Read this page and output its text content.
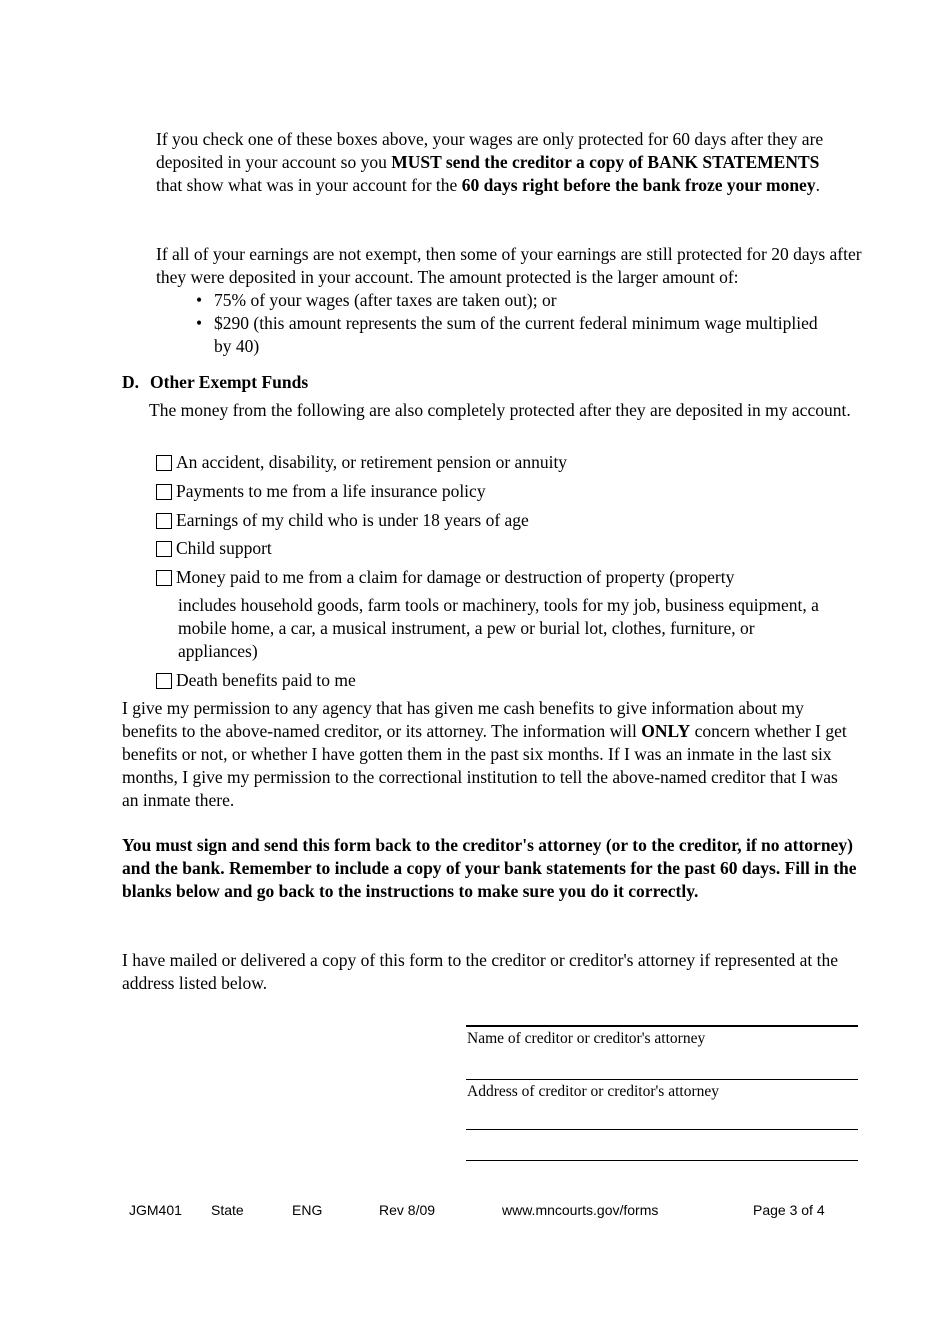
If you check one of these boxes above, your wages are only protected for 60 days after they are deposited in your account so you MUST send the creditor a copy of BANK STATEMENTS that show what was in your account for the 60 days right before the bank froze your money.

If all of your earnings are not exempt, then some of your earnings are still protected for 20 days after they were deposited in your account. The amount protected is the larger amount of:

• 75% of your wages (after taxes are taken out); or
• $290 (this amount represents the sum of the current federal minimum wage multiplied by 40)
D. Other Exempt Funds

The money from the following are also completely protected after they are deposited in my account.

An accident, disability, or retirement pension or annuity
Payments to me from a life insurance policy
Earnings of my child who is under 18 years of age
Child support
Money paid to me from a claim for damage or destruction of property (property

includes household goods, farm tools or machinery, tools for my job, business equipment, a mobile home, a car, a musical instrument, a pew or burial lot, clothes, furniture, or appliances)

Death benefits paid to me

I give my permission to any agency that has given me cash benefits to give information about my benefits to the above-named creditor, or its attorney. The information will ONLY concern whether I get benefits or not, or whether I have gotten them in the past six months. If I was an inmate in the last six months, I give my permission to the correctional institution to tell the above-named creditor that I was an inmate there.

You must sign and send this form back to the creditor's attorney (or to the creditor, if no attorney) and the bank. Remember to include a copy of your bank statements for the past 60 days. Fill in the blanks below and go back to the instructions to make sure you do it correctly.

I have mailed or delivered a copy of this form to the creditor or creditor's attorney if represented at the address listed below.

Name of creditor or creditor's attorney
Address of creditor or creditor's attorney
JGM401 State	ENG	Rev 8/09	www.mncourts.gov/forms	Page 3 of 4
